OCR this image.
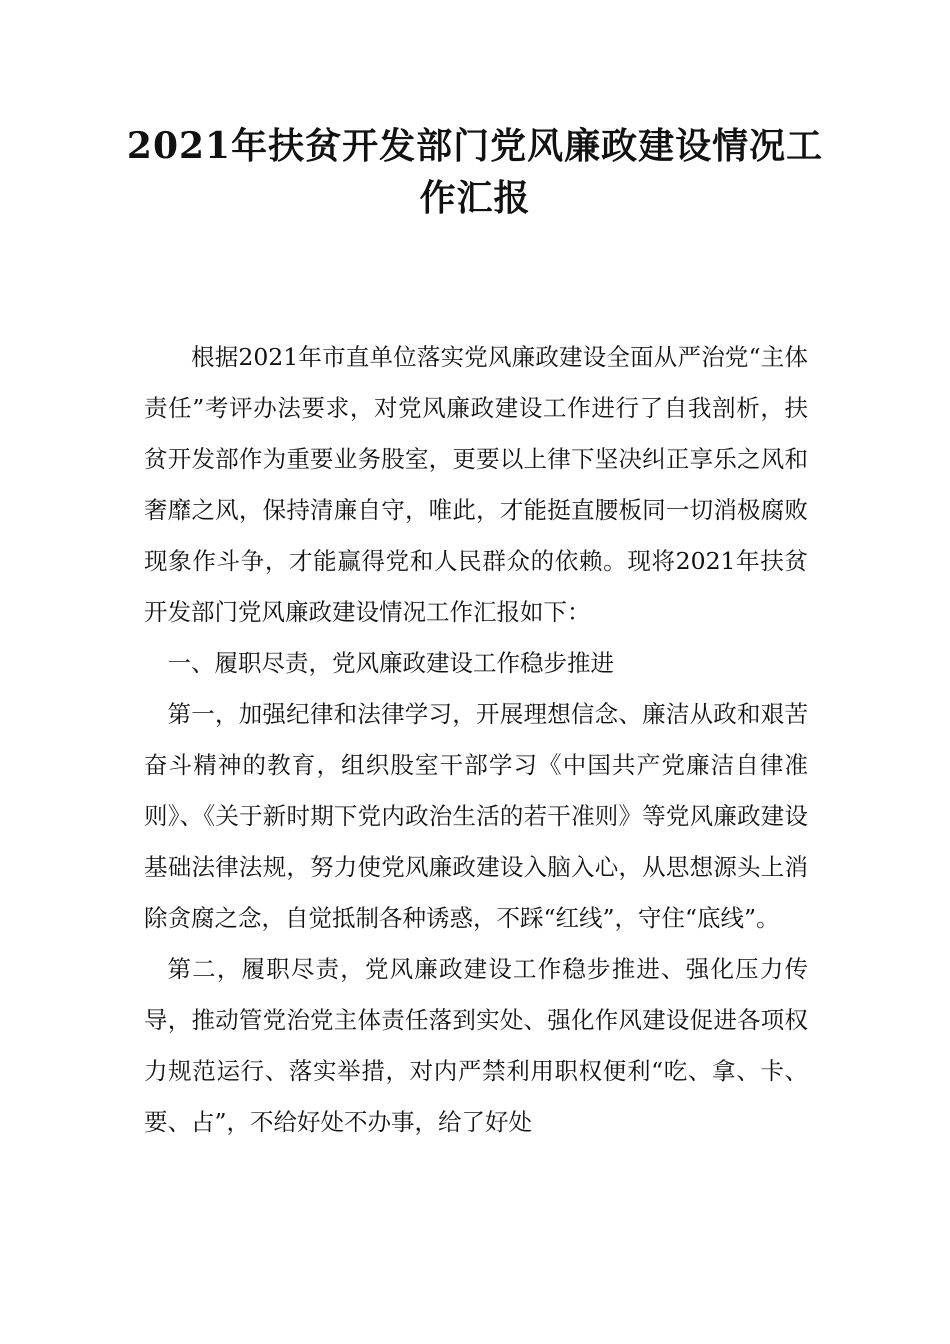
2021年扶贫开发部门党风廉政建设情况工作汇报

根据2021年市直单位落实党风廉政建设全面从严治党“主体责任”考评办法要求，对党风廉政建设工作进行了自我剖析，扶贫开发部作为重要业务股室，更要以上律下坚决纠正享乐之风和奢靡之风，保持清廉自守，唯此，才能挺直腰板同一切消极腐败现象作斗争，才能赢得党和人民群众的依赖。现将2021年扶贫开发部门党风廉政建设情况工作汇报如下：

一、履职尽责，党风廉政建设工作稳步推进

第一，加强纪律和法律学习，开展理想信念、廉洁从政和艰苦奋斗精神的教育，组织股室干部学习《中国共产党廉洁自律准则》、《关于新时期下党内政治生活的若干准则》等党风廉政建设基础法律法规，努力使党风廉政建设入脑入心，从思想源头上消除贪腐之念，自觉抵制各种诱惑，不踩“红线”，守住“底线”。

第二，履职尽责，党风廉政建设工作稳步推进、强化压力传导，推动管党治党主体责任落到实处、强化作风建设促进各项权力规范运行、落实举措，对内严禁利用职权便利“吃、拿、卡、要、占”，不给好处不办事，给了好处
